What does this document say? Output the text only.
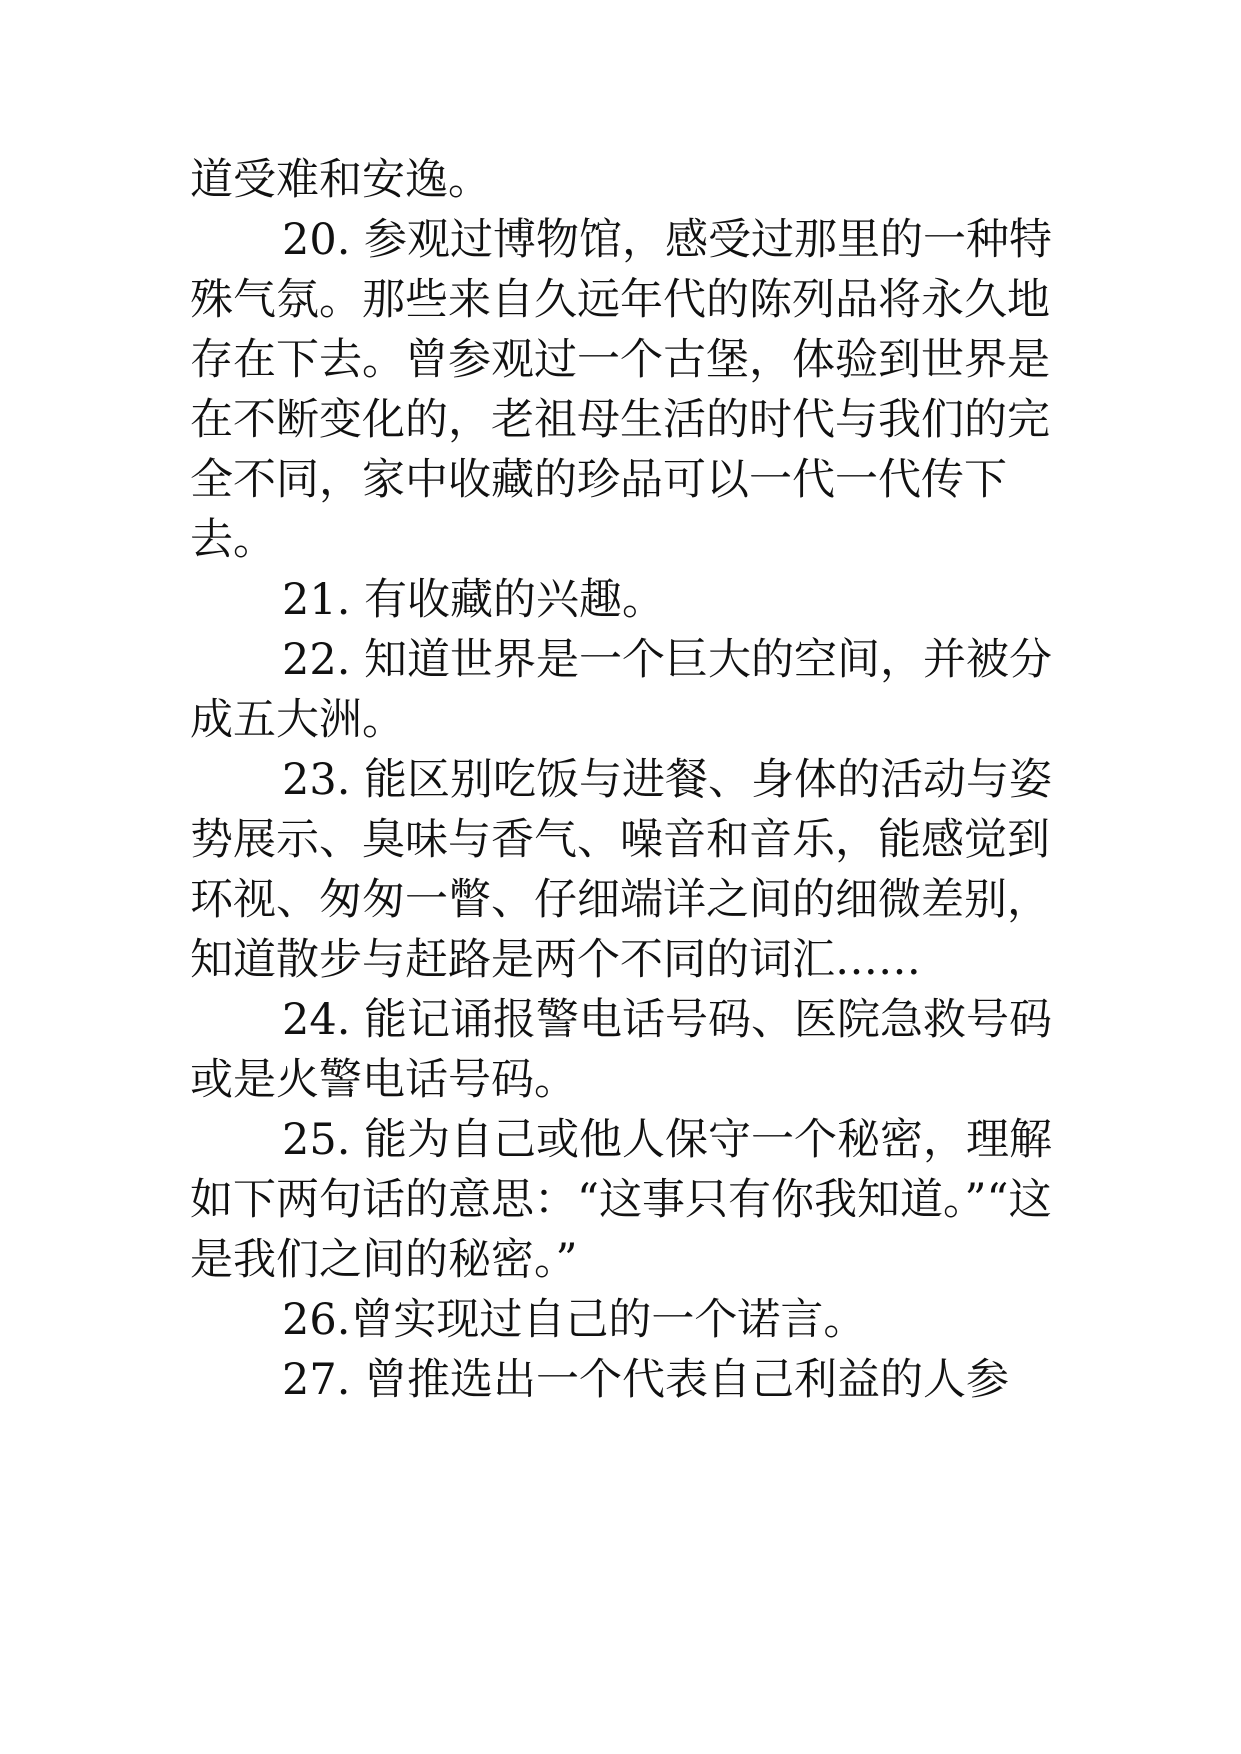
道受难和安逸。

20. 参观过博物馆，感受过那里的一种特殊气氛。那些来自久远年代的陈列品将永久地存在下去。曾参观过一个古堡，体验到世界是在不断变化的，老祖母生活的时代与我们的完全不同，家中收藏的珍品可以一代一代传下去。

21. 有收藏的兴趣。

22. 知道世界是一个巨大的空间，并被分成五大洲。

23. 能区别吃饭与进餐、身体的活动与姿势展示、臭味与香气、噪音和音乐，能感觉到环视、匆匆一瞥、仔细端详之间的细微差别，知道散步与赶路是两个不同的词汇……

24. 能记诵报警电话号码、医院急救号码或是火警电话号码。

25. 能为自己或他人保守一个秘密，理解如下两句话的意思：“这事只有你我知道。”“这是我们之间的秘密。”

26.曾实现过自己的一个诺言。

27. 曾推选出一个代表自己利益的人参
